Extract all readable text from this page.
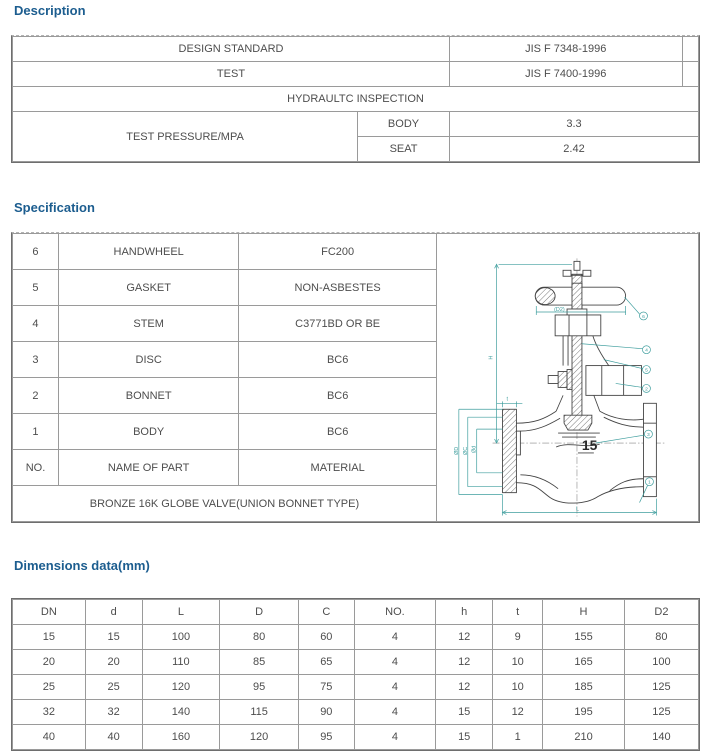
Description
DESIGN STANDARD		JIS F 7348-1996	
TEST		JIS F 7400-1996	
HYDRAULTC INSPECTION			
TEST PRESSURE/MPA	BODY	3.3	
	SEAT	2.42	
Specification
6	HANDWHEEL	FC200	
15
H
(D2)
ØD ØC Ød
t
L
6
4
5
2
3
1

5	GASKET	NON-ASBESTES	
4	STEM	C3771BD OR BE	
3	DISC	BC6	
2	BONNET	BC6	
1	BODY	BC6	
NO.	NAME OF PART	MATERIAL	
BRONZE 16K GLOBE VALVE(UNION BONNET TYPE)			
Dimensions data(mm)
DN	d	L	D	C	NO.	h	t	H	D2
15	15	100	80	60	4	12	9	155	80
20	20	110	85	65	4	12	10	165	100
25	25	120	95	75	4	12	10	185	125
32	32	140	115	90	4	15	12	195	125
40	40	160	120	95	4	15	1	210	140
